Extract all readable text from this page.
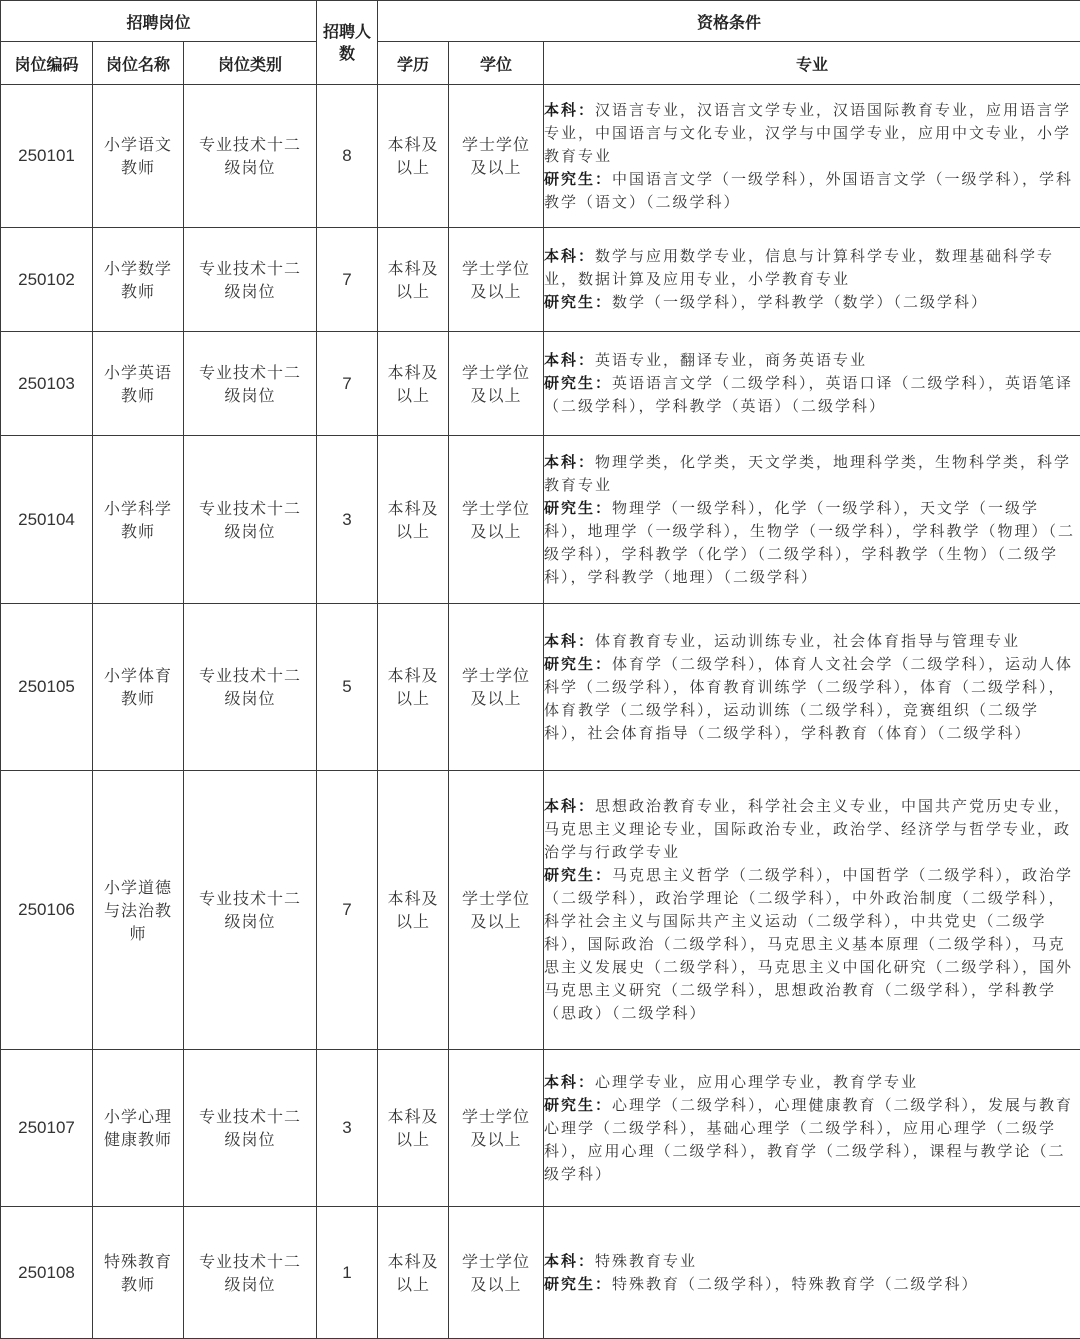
招聘岗位			招聘人数	资格条件		
岗位编码	岗位名称	岗位类别		学历	学位	专业
250101	小学语文教师	专业技术十二级岗位	8	本科及以上	学士学位及以上	本科：汉语言专业，汉语言文学专业，汉语国际教育专业，应用语言学专业，中国语言与文化专业，汉学与中国学专业，应用中文专业，小学教育专业
研究生：中国语言文学（一级学科），外国语言文学（一级学科），学科教学（语文）（二级学科）

250102	小学数学教师	专业技术十二级岗位	7	本科及以上	学士学位及以上	本科：数学与应用数学专业，信息与计算科学专业，数理基础科学专业，数据计算及应用专业，小学教育专业
研究生：数学（一级学科），学科教学（数学）（二级学科）

250103	小学英语教师	专业技术十二级岗位	7	本科及以上	学士学位及以上	本科：英语专业，翻译专业，商务英语专业
研究生：英语语言文学（二级学科），英语口译（二级学科），英语笔译（二级学科），学科教学（英语）（二级学科）

250104	小学科学教师	专业技术十二级岗位	3	本科及以上	学士学位及以上	本科：物理学类，化学类，天文学类，地理科学类，生物科学类，科学教育专业
研究生：物理学（一级学科），化学（一级学科），天文学（一级学科），地理学（一级学科），生物学（一级学科），学科教学（物理）（二级学科），学科教学（化学）（二级学科），学科教学（生物）（二级学科），学科教学（地理）（二级学科）

250105	小学体育教师	专业技术十二级岗位	5	本科及以上	学士学位及以上	本科：体育教育专业，运动训练专业，社会体育指导与管理专业
研究生：体育学（二级学科），体育人文社会学（二级学科），运动人体科学（二级学科），体育教育训练学（二级学科），体育（二级学科），体育教学（二级学科），运动训练（二级学科），竞赛组织（二级学科），社会体育指导（二级学科），学科教育（体育）（二级学科）

250106	小学道德与法治教师	专业技术十二级岗位	7	本科及以上	学士学位及以上	本科：思想政治教育专业，科学社会主义专业，中国共产党历史专业，马克思主义理论专业，国际政治专业，政治学、经济学与哲学专业，政治学与行政学专业
研究生：马克思主义哲学（二级学科），中国哲学（二级学科），政治学（二级学科），政治学理论（二级学科），中外政治制度（二级学科），科学社会主义与国际共产主义运动（二级学科），中共党史（二级学科），国际政治（二级学科），马克思主义基本原理（二级学科），马克思主义发展史（二级学科），马克思主义中国化研究（二级学科），国外马克思主义研究（二级学科），思想政治教育（二级学科），学科教学（思政）（二级学科）

250107	小学心理健康教师	专业技术十二级岗位	3	本科及以上	学士学位及以上	本科：心理学专业，应用心理学专业，教育学专业
研究生：心理学（二级学科），心理健康教育（二级学科），发展与教育心理学（二级学科），基础心理学（二级学科），应用心理学（二级学科），应用心理（二级学科），教育学（二级学科），课程与教学论（二级学科）

250108	特殊教育教师	专业技术十二级岗位	1	本科及以上	学士学位及以上	本科：特殊教育专业
研究生：特殊教育（二级学科），特殊教育学（二级学科）
